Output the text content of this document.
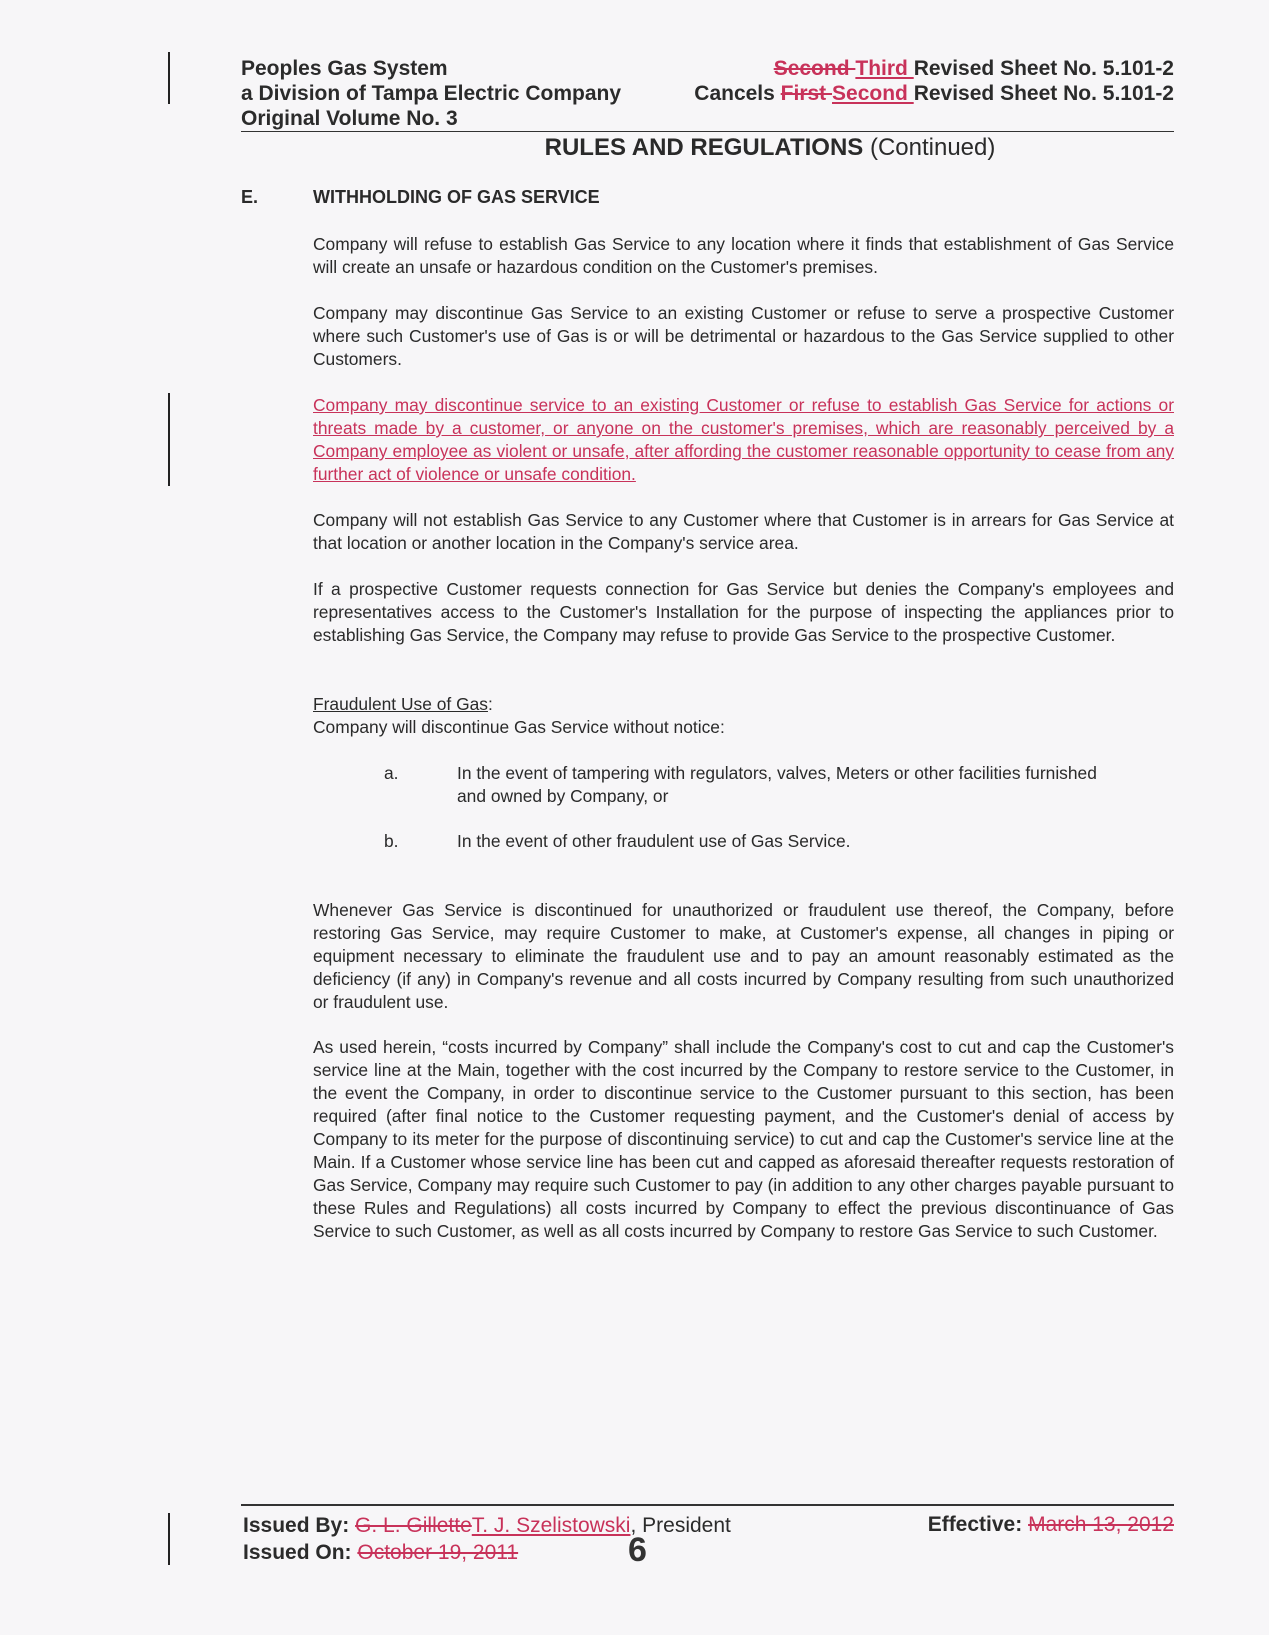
Peoples Gas System
a Division of Tampa Electric Company
Original Volume No. 3
Second Third Revised Sheet No. 5.101-2
Cancels First Second Revised Sheet No. 5.101-2
RULES AND REGULATIONS (Continued)
E.	WITHHOLDING OF GAS SERVICE
Company will refuse to establish Gas Service to any location where it finds that establishment of Gas Service will create an unsafe or hazardous condition on the Customer's premises.
Company may discontinue Gas Service to an existing Customer or refuse to serve a prospective Customer where such Customer's use of Gas is or will be detrimental or hazardous to the Gas Service supplied to other Customers.
Company may discontinue service to an existing Customer or refuse to establish Gas Service for actions or threats made by a customer, or anyone on the customer's premises, which are reasonably perceived by a Company employee as violent or unsafe, after affording the customer reasonable opportunity to cease from any further act of violence or unsafe condition.
Company will not establish Gas Service to any Customer where that Customer is in arrears for Gas Service at that location or another location in the Company's service area.
If a prospective Customer requests connection for Gas Service but denies the Company's employees and representatives access to the Customer's Installation for the purpose of inspecting the appliances prior to establishing Gas Service, the Company may refuse to provide Gas Service to the prospective Customer.
Fraudulent Use of Gas:
Company will discontinue Gas Service without notice:
a.	In the event of tampering with regulators, valves, Meters or other facilities furnished and owned by Company, or
b.	In the event of other fraudulent use of Gas Service.
Whenever Gas Service is discontinued for unauthorized or fraudulent use thereof, the Company, before restoring Gas Service, may require Customer to make, at Customer's expense, all changes in piping or equipment necessary to eliminate the fraudulent use and to pay an amount reasonably estimated as the deficiency (if any) in Company's revenue and all costs incurred by Company resulting from such unauthorized or fraudulent use.
As used herein, “costs incurred by Company” shall include the Company's cost to cut and cap the Customer's service line at the Main, together with the cost incurred by the Company to restore service to the Customer, in the event the Company, in order to discontinue service to the Customer pursuant to this section, has been required (after final notice to the Customer requesting payment, and the Customer's denial of access by Company to its meter for the purpose of discontinuing service) to cut and cap the Customer's service line at the Main. If a Customer whose service line has been cut and capped as aforesaid thereafter requests restoration of Gas Service, Company may require such Customer to pay (in addition to any other charges payable pursuant to these Rules and Regulations) all costs incurred by Company to effect the previous discontinuance of Gas Service to such Customer, as well as all costs incurred by Company to restore Gas Service to such Customer.
Issued By: G. L. GilletteT. J. Szelistowski, President
Issued On: October 19, 2011	6
Effective: March 13, 2012
